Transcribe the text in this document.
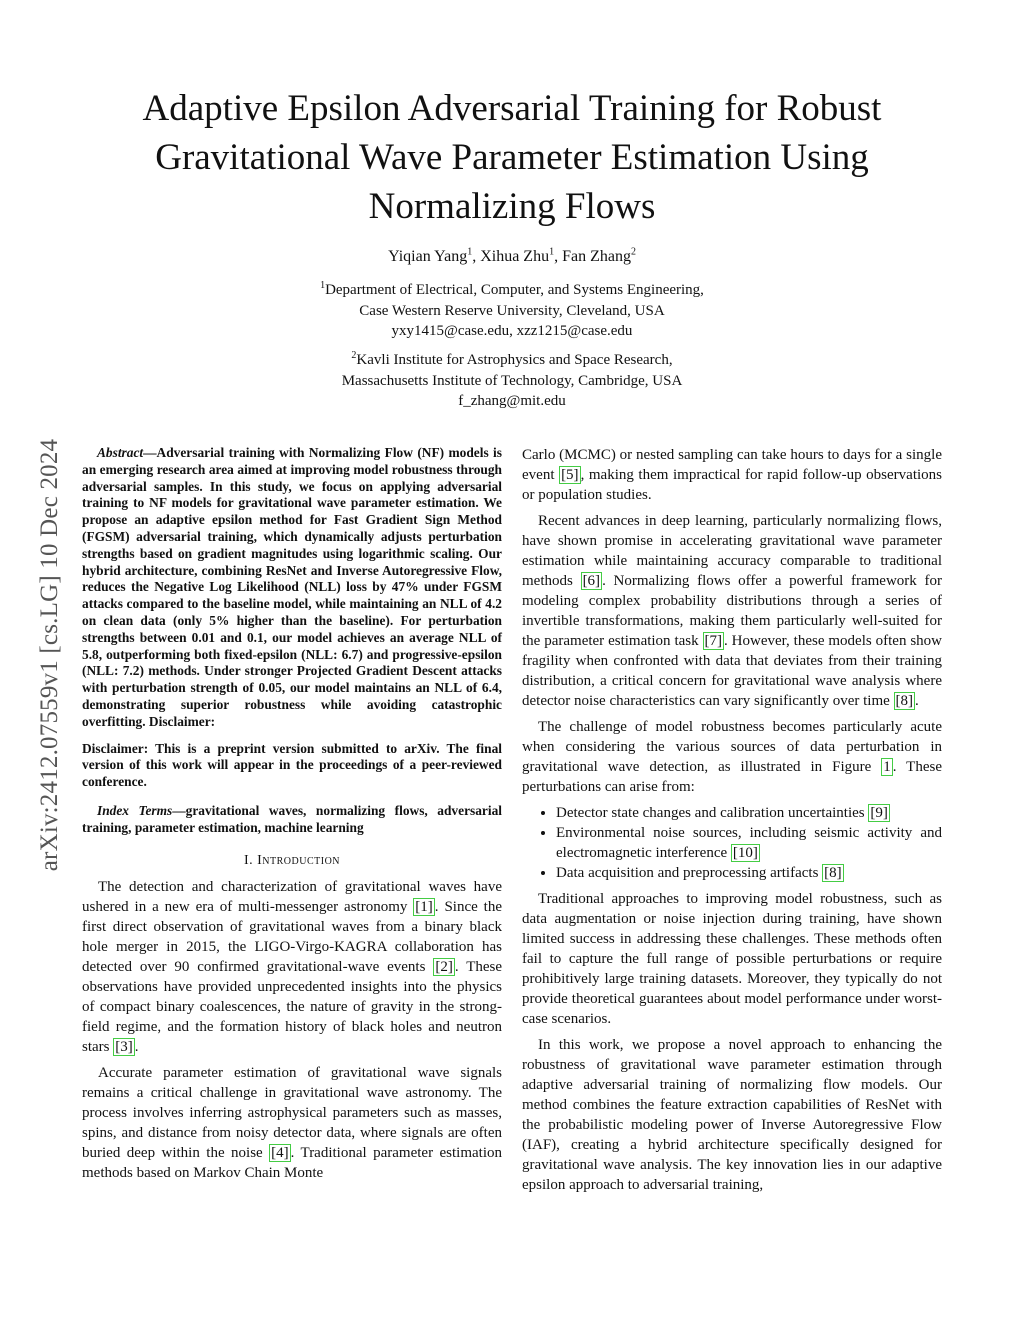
arXiv:2412.07559v1 [cs.LG] 10 Dec 2024
Adaptive Epsilon Adversarial Training for Robust
Gravitational Wave Parameter Estimation Using
Normalizing Flows
Yiqian Yang$^1$, Xihua Zhu$^1$, Fan Zhang$^2$
$^1$Department of Electrical, Computer, and Systems Engineering,
Case Western Reserve University, Cleveland, USA
yxy1415@case.edu, xzz1215@case.edu
$^2$Kavli Institute for Astrophysics and Space Research,
Massachusetts Institute of Technology, Cambridge, USA
f_zhang@mit.edu

Abstract—Adversarial training with Normalizing Flow (NF) models is an emerging research area aimed at improving model robustness through adversarial samples. In this study, we focus on applying adversarial training to NF models for gravitational wave parameter estimation. We propose an adaptive epsilon method for Fast Gradient Sign Method (FGSM) adversarial training, which dynamically adjusts perturbation strengths based on gradient magnitudes using logarithmic scaling. Our hybrid architecture, combining ResNet and Inverse Autoregressive Flow, reduces the Negative Log Likelihood (NLL) loss by 47% under FGSM attacks compared to the baseline model, while maintaining an NLL of 4.2 on clean data (only 5% higher than the baseline). For perturbation strengths between 0.01 and 0.1, our model achieves an average NLL of 5.8, outperforming both fixed-epsilon (NLL: 6.7) and progressive-epsilon (NLL: 7.2) methods. Under stronger Projected Gradient Descent attacks with perturbation strength of 0.05, our model maintains an NLL of 6.4, demonstrating superior robustness while avoiding catastrophic overfitting. Disclaimer:

Disclaimer: This is a preprint version submitted to arXiv. The final version of this work will appear in the proceedings of a peer-reviewed conference.

Index Terms—gravitational waves, normalizing flows, adversarial training, parameter estimation, machine learning

I. Introduction

The detection and characterization of gravitational waves have ushered in a new era of multi-messenger astronomy [1] . Since the first direct observation of gravitational waves from a binary black hole merger in 2015, the LIGO-Virgo-KAGRA collaboration has detected over 90 confirmed gravitational-wave events [2] . These observations have provided unprecedented insights into the physics of compact binary coalescences, the nature of gravity in the strong-field regime, and the formation history of black holes and neutron stars [3] .

Accurate parameter estimation of gravitational wave signals remains a critical challenge in gravitational wave astronomy. The process involves inferring astrophysical parameters such as masses, spins, and distance from noisy detector data, where signals are often buried deep within the noise [4] . Traditional parameter estimation methods based on Markov Chain Monte

Carlo (MCMC) or nested sampling can take hours to days for a single event [5] , making them impractical for rapid follow-up observations or population studies.

Recent advances in deep learning, particularly normalizing flows, have shown promise in accelerating gravitational wave parameter estimation while maintaining accuracy comparable to traditional methods [6] . Normalizing flows offer a powerful framework for modeling complex probability distributions through a series of invertible transformations, making them particularly well-suited for the parameter estimation task [7] . However, these models often show fragility when confronted with data that deviates from their training distribution, a critical concern for gravitational wave analysis where detector noise characteristics can vary significantly over time [8] .

The challenge of model robustness becomes particularly acute when considering the various sources of data perturbation in gravitational wave detection, as illustrated in Figure 1 . These perturbations can arise from:

• Detector state changes and calibration uncertainties [9]
• Environmental noise sources, including seismic activity and electromagnetic interference [10]
• Data acquisition and preprocessing artifacts [8]

Traditional approaches to improving model robustness, such as data augmentation or noise injection during training, have shown limited success in addressing these challenges. These methods often fail to capture the full range of possible perturbations or require prohibitively large training datasets. Moreover, they typically do not provide theoretical guarantees about model performance under worst-case scenarios.

In this work, we propose a novel approach to enhancing the robustness of gravitational wave parameter estimation through adaptive adversarial training of normalizing flow models. Our method combines the feature extraction capabilities of ResNet with the probabilistic modeling power of Inverse Autoregressive Flow (IAF), creating a hybrid architecture specifically designed for gravitational wave analysis. The key innovation lies in our adaptive epsilon approach to adversarial training,
